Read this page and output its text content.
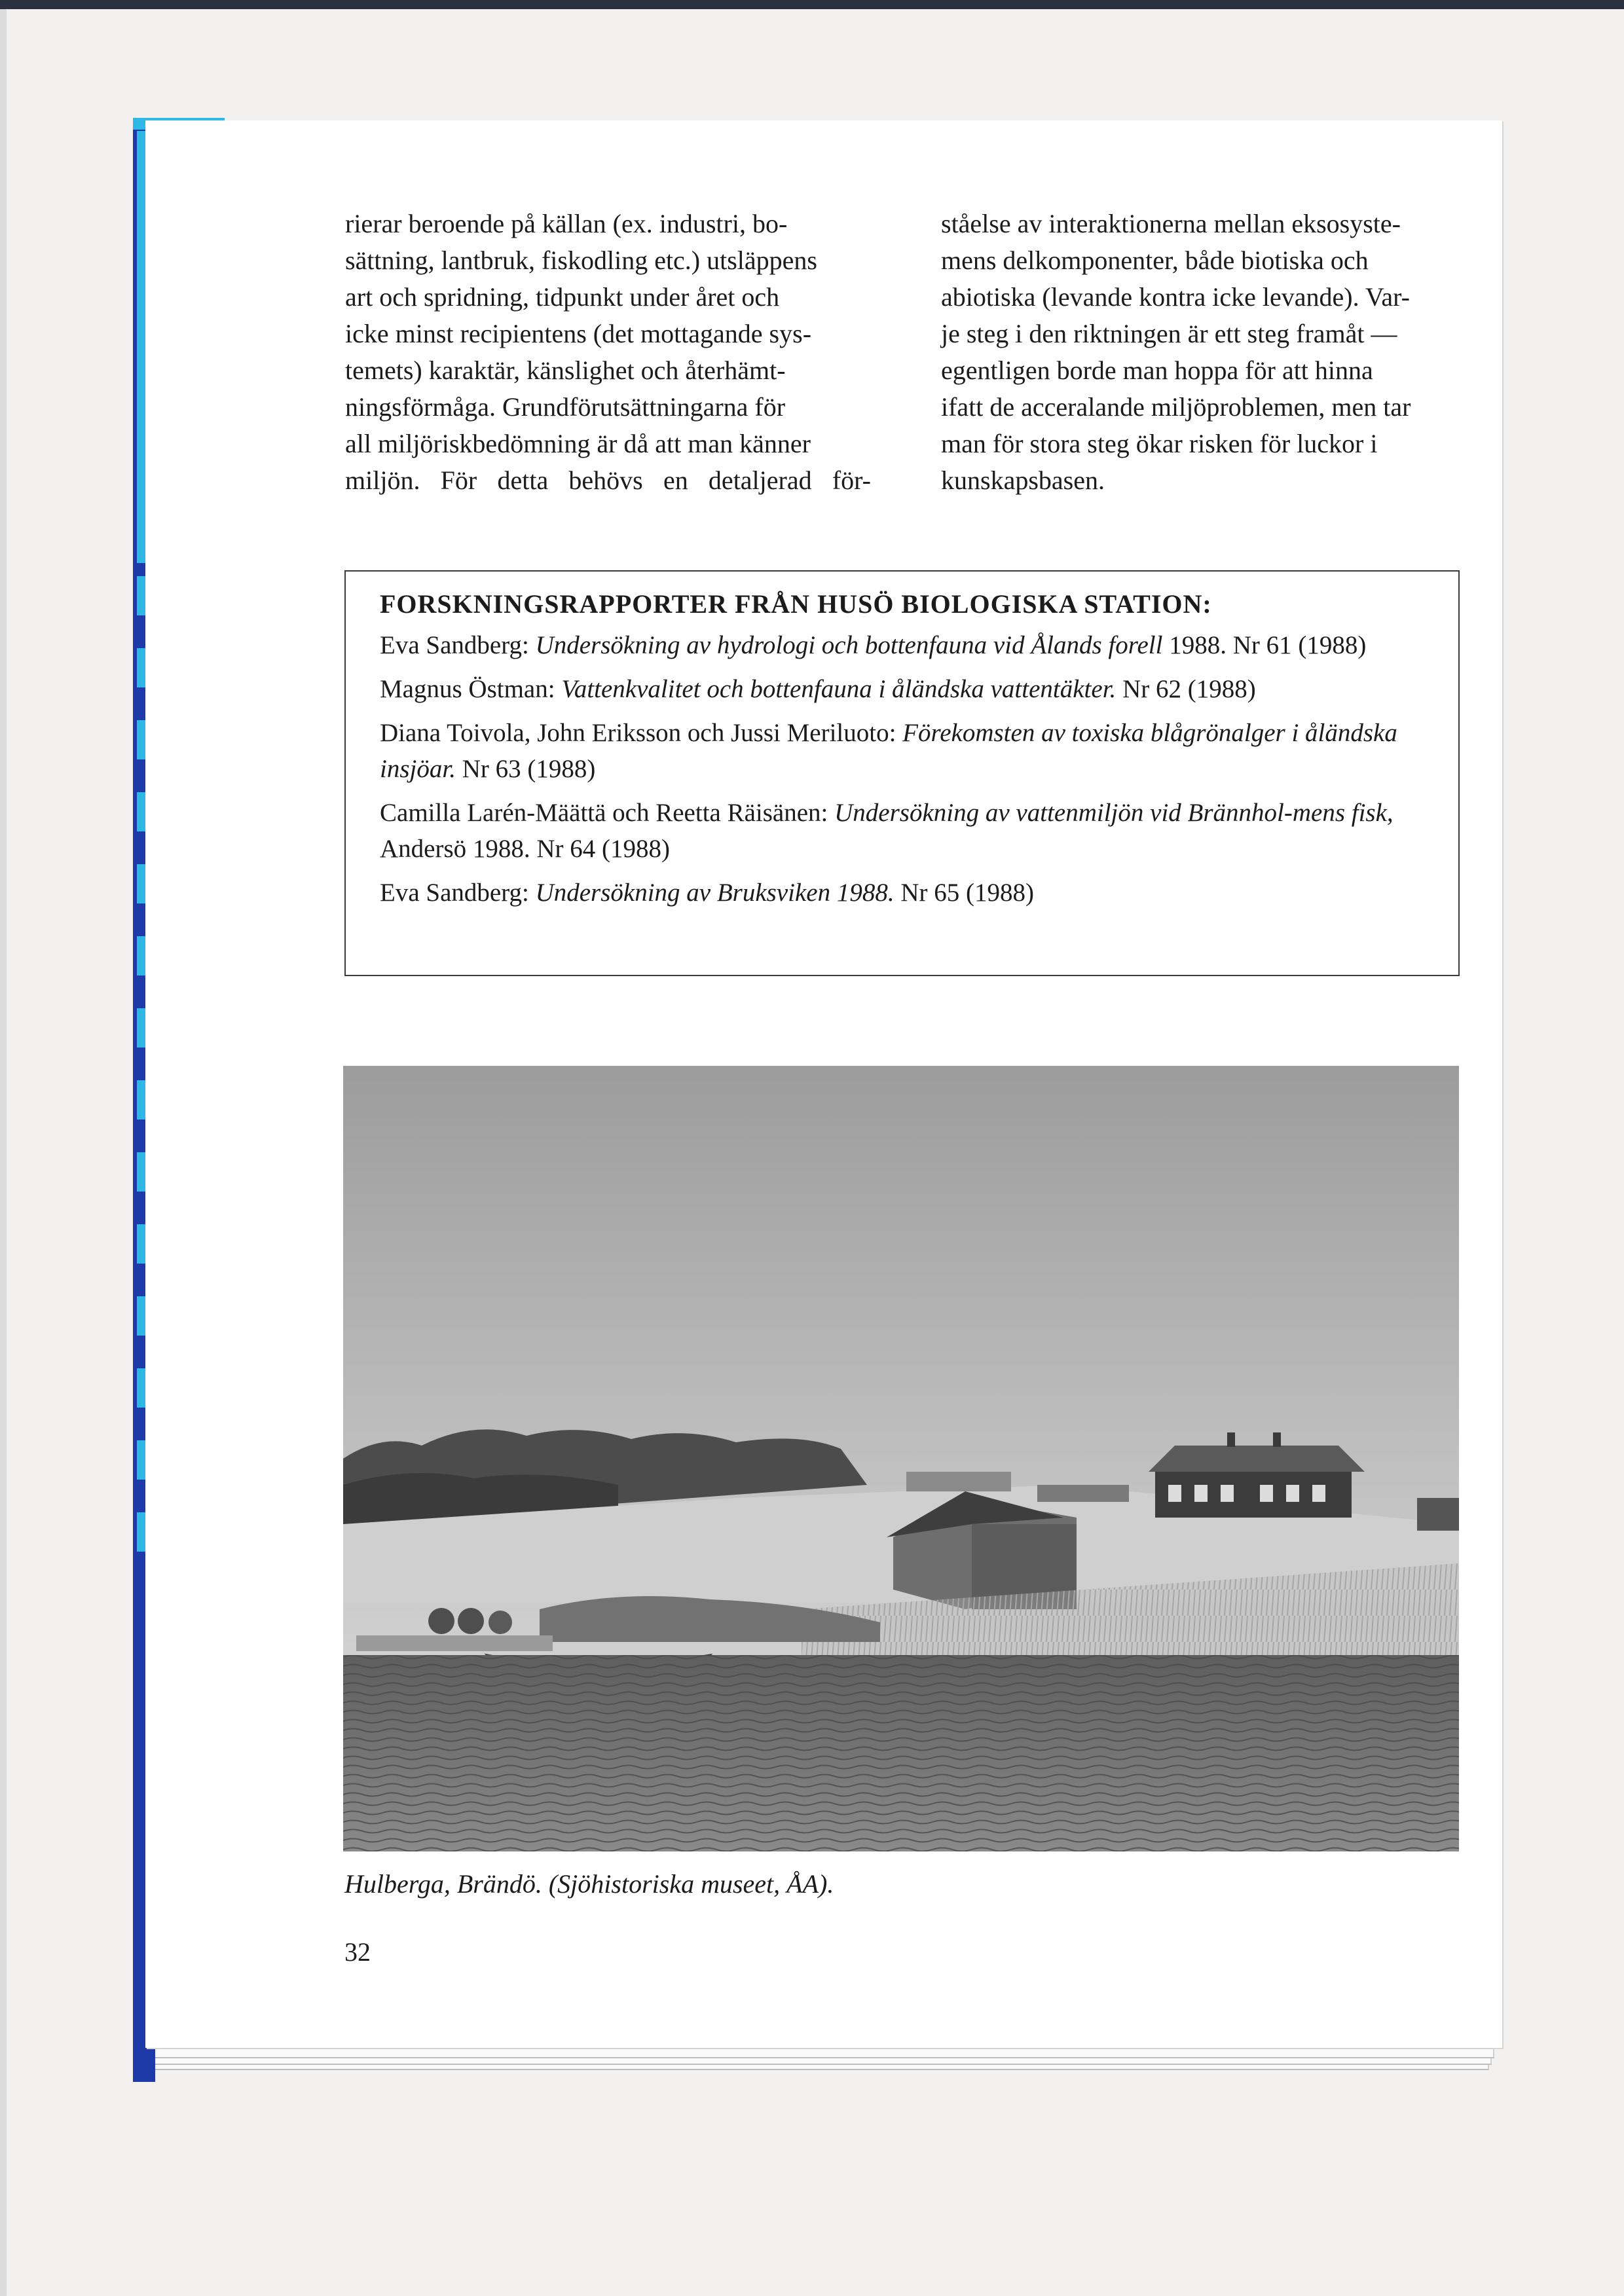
rierar beroende på källan (ex. industri, bo-

sättning, lantbruk, fiskodling etc.) utsläppens

art och spridning, tidpunkt under året och

icke minst recipientens (det mottagande sys-

temets) karaktär, känslighet och återhämt-

ningsförmåga. Grundförutsättningarna för

all miljöriskbedömning är då att man känner

miljön. För detta behövs en detaljerad för-

ståelse av interaktionerna mellan eksosyste-

mens delkomponenter, både biotiska och

abiotiska (levande kontra icke levande). Var-

je steg i den riktningen är ett steg framåt —

egentligen borde man hoppa för att hinna

ifatt de acceralande miljöproblemen, men tar

man för stora steg ökar risken för luckor i

kunskapsbasen.

FORSKNINGSRAPPORTER FRÅN HUSÖ BIOLOGISKA STATION:

Eva Sandberg: Undersökning av hydrologi och bottenfauna vid Ålands forell 1988. Nr 61 (1988)

Magnus Östman: Vattenkvalitet och bottenfauna i åländska vattentäkter. Nr 62 (1988)

Diana Toivola, John Eriksson och Jussi Meriluoto: Förekomsten av toxiska blågrönalger i åländska insjöar. Nr 63 (1988)

Camilla Larén-Määttä och Reetta Räisänen: Undersökning av vattenmiljön vid Brännhol-mens fisk, Andersö 1988. Nr 64 (1988)

Eva Sandberg: Undersökning av Bruksviken 1988. Nr 65 (1988)

Hulberga, Brändö. (Sjöhistoriska museet, ÅA).
32
